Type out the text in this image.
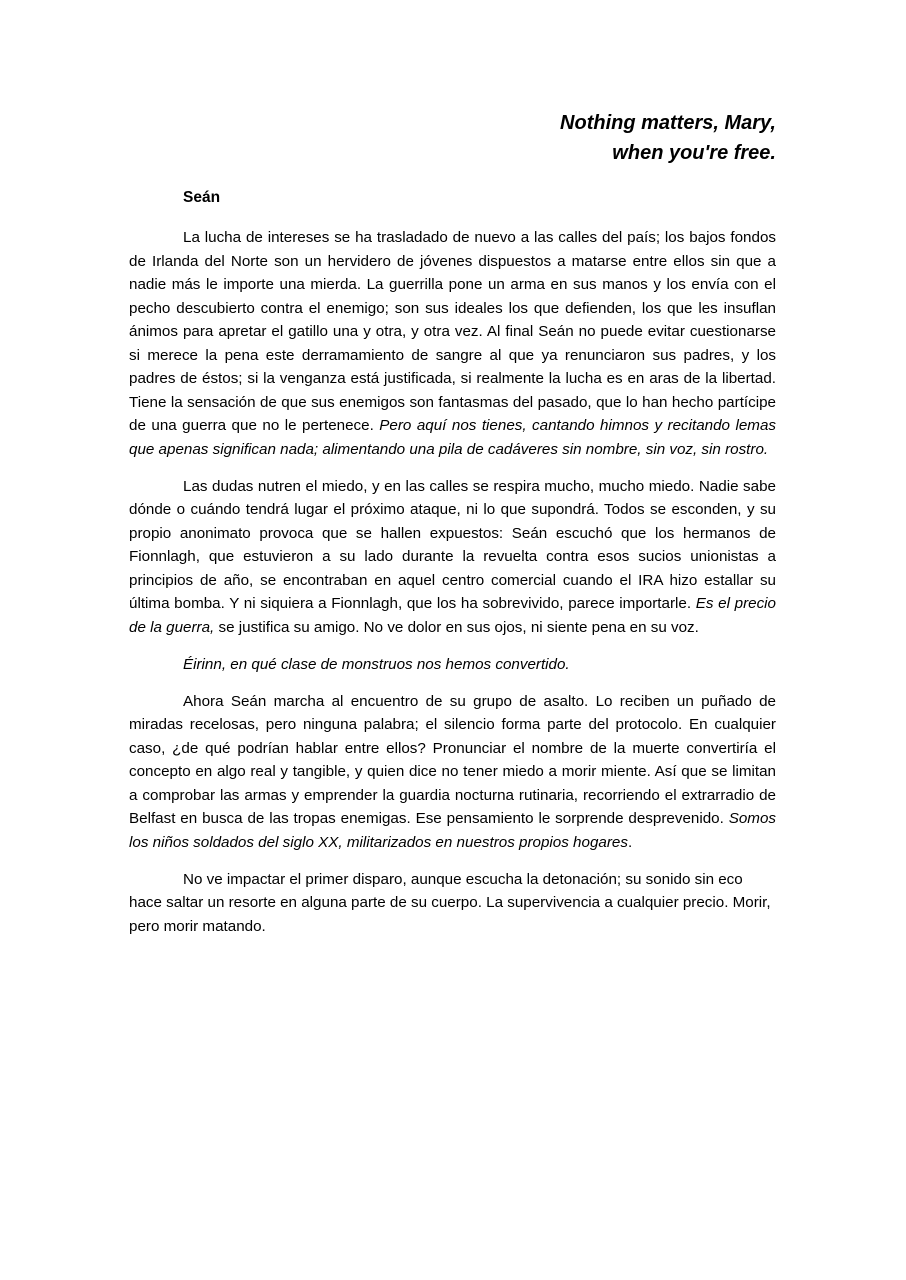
Nothing matters, Mary,
when you're free.
Seán

La lucha de intereses se ha trasladado de nuevo a las calles del país; los bajos fondos de Irlanda del Norte son un hervidero de jóvenes dispuestos a matarse entre ellos sin que a nadie más le importe una mierda. La guerrilla pone un arma en sus manos y los envía con el pecho descubierto contra el enemigo; son sus ideales los que defienden, los que les insuflan ánimos para apretar el gatillo una y otra, y otra vez. Al final Seán no puede evitar cuestionarse si merece la pena este derramamiento de sangre al que ya renunciaron sus padres, y los padres de éstos; si la venganza está justificada, si realmente la lucha es en aras de la libertad. Tiene la sensación de que sus enemigos son fantasmas del pasado, que lo han hecho partícipe de una guerra que no le pertenece. Pero aquí nos tienes, cantando himnos y recitando lemas que apenas significan nada; alimentando una pila de cadáveres sin nombre, sin voz, sin rostro.

Las dudas nutren el miedo, y en las calles se respira mucho, mucho miedo. Nadie sabe dónde o cuándo tendrá lugar el próximo ataque, ni lo que supondrá. Todos se esconden, y su propio anonimato provoca que se hallen expuestos: Seán escuchó que los hermanos de Fionnlagh, que estuvieron a su lado durante la revuelta contra esos sucios unionistas a principios de año, se encontraban en aquel centro comercial cuando el IRA hizo estallar su última bomba. Y ni siquiera a Fionnlagh, que los ha sobrevivido, parece importarle. Es el precio de la guerra, se justifica su amigo. No ve dolor en sus ojos, ni siente pena en su voz.

Éirinn, en qué clase de monstruos nos hemos convertido.

Ahora Seán marcha al encuentro de su grupo de asalto. Lo reciben un puñado de miradas recelosas, pero ninguna palabra; el silencio forma parte del protocolo. En cualquier caso, ¿de qué podrían hablar entre ellos? Pronunciar el nombre de la muerte convertiría el concepto en algo real y tangible, y quien dice no tener miedo a morir miente. Así que se limitan a comprobar las armas y emprender la guardia nocturna rutinaria, recorriendo el extrarradio de Belfast en busca de las tropas enemigas. Ese pensamiento le sorprende desprevenido. Somos los niños soldados del siglo XX, militarizados en nuestros propios hogares.

No ve impactar el primer disparo, aunque escucha la detonación; su sonido sin eco hace saltar un resorte en alguna parte de su cuerpo. La supervivencia a cualquier precio. Morir, pero morir matando.
